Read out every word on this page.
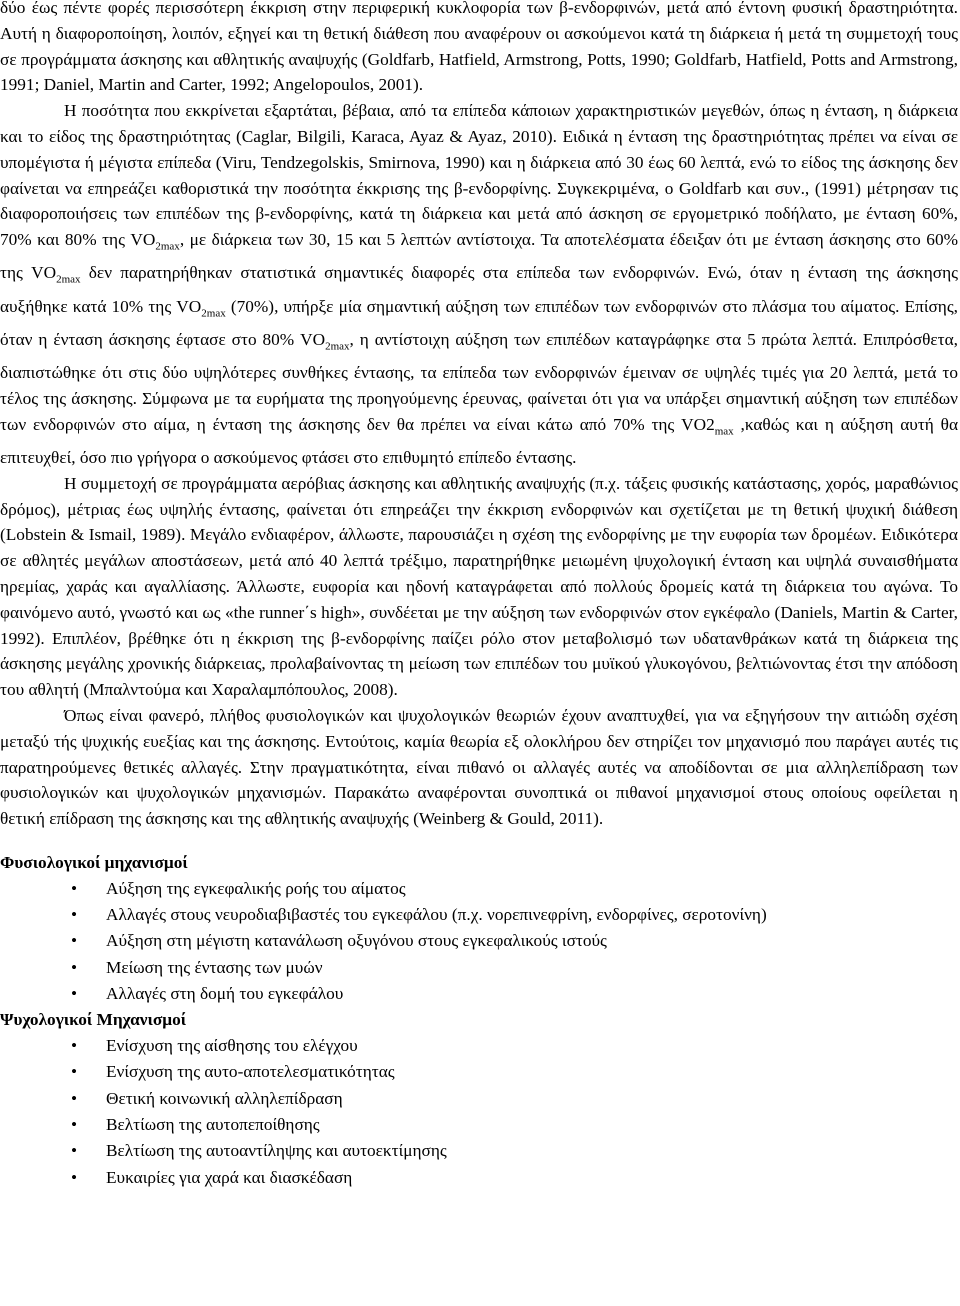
δύο έως πέντε φορές περισσότερη έκκριση στην περιφερική κυκλοφορία των β-ενδορφινών, μετά από έντονη φυσική δραστηριότητα. Αυτή η διαφοροποίηση, λοιπόν, εξηγεί και τη θετική διάθεση που αναφέρουν οι ασκούμενοι κατά τη διάρκεια ή μετά τη συμμετοχή τους σε προγράμματα άσκησης και αθλητικής αναψυχής (Goldfarb, Hatfield, Armstrong, Potts, 1990; Goldfarb, Hatfield, Potts and Armstrong, 1991; Daniel, Martin and Carter, 1992; Angelopoulos, 2001).

Η ποσότητα που εκκρίνεται εξαρτάται, βέβαια, από τα επίπεδα κάποιων χαρακτηριστικών μεγεθών, όπως η ένταση, η διάρκεια και το είδος της δραστηριότητας (Caglar, Bilgili, Karaca, Ayaz & Ayaz, 2010). Ειδικά η ένταση της δραστηριότητας πρέπει να είναι σε υπομέγιστα ή μέγιστα επίπεδα (Viru, Tendzegolskis, Smirnova, 1990) και η διάρκεια από 30 έως 60 λεπτά, ενώ το είδος της άσκησης δεν φαίνεται να επηρεάζει καθοριστικά την ποσότητα έκκρισης της β-ενδορφίνης. Συγκεκριμένα, ο Goldfarb και συν., (1991) μέτρησαν τις διαφοροποιήσεις των επιπέδων της β-ενδορφίνης, κατά τη διάρκεια και μετά από άσκηση σε εργομετρικό ποδήλατο, με ένταση 60%, 70% και 80% της $VO_{2max}$, με διάρκεια των 30, 15 και 5 λεπτών αντίστοιχα. Τα αποτελέσματα έδειξαν ότι με ένταση άσκησης στο 60% της $VO_{2max}$ δεν παρατηρήθηκαν στατιστικά σημαντικές διαφορές στα επίπεδα των ενδορφινών. Ενώ, όταν η ένταση της άσκησης αυξήθηκε κατά 10% της $VO_{2max}$ (70%), υπήρξε μία σημαντική αύξηση των επιπέδων των ενδορφινών στο πλάσμα του αίματος. Επίσης, όταν η ένταση άσκησης έφτασε στο 80% $VO_{2max}$, η αντίστοιχη αύξηση των επιπέδων καταγράφηκε στα 5 πρώτα λεπτά. Επιπρόσθετα, διαπιστώθηκε ότι στις δύο υψηλότερες συνθήκες έντασης, τα επίπεδα των ενδορφινών έμειναν σε υψηλές τιμές για 20 λεπτά, μετά το τέλος της άσκησης. Σύμφωνα με τα ευρήματα της προηγούμενης έρευνας, φαίνεται ότι για να υπάρξει σημαντική αύξηση των επιπέδων των ενδορφινών στο αίμα, η ένταση της άσκησης δεν θα πρέπει να είναι κάτω από 70% της $VO2_{max}$ ,καθώς και η αύξηση αυτή θα επιτευχθεί, όσο πιο γρήγορα ο ασκούμενος φτάσει στο επιθυμητό επίπεδο έντασης.

Η συμμετοχή σε προγράμματα αερόβιας άσκησης και αθλητικής αναψυχής (π.χ. τάξεις φυσικής κατάστασης, χορός, μαραθώνιος δρόμος), μέτριας έως υψηλής έντασης, φαίνεται ότι επηρεάζει την έκκριση ενδορφινών και σχετίζεται με τη θετική ψυχική διάθεση (Lobstein & Ismail, 1989). Μεγάλο ενδιαφέρον, άλλωστε, παρουσιάζει η σχέση της ενδορφίνης με την ευφορία των δρομέων. Ειδικότερα σε αθλητές μεγάλων αποστάσεων, μετά από 40 λεπτά τρέξιμο, παρατηρήθηκε μειωμένη ψυχολογική ένταση και υψηλά συναισθήματα ηρεμίας, χαράς και αγαλλίασης. Άλλωστε, ευφορία και ηδονή καταγράφεται από πολλούς δρομείς κατά τη διάρκεια του αγώνα. Το φαινόμενο αυτό, γνωστό και ως «the runner΄s high», συνδέεται με την αύξηση των ενδορφινών στον εγκέφαλο (Daniels, Martin & Carter, 1992). Επιπλέον, βρέθηκε ότι η έκκριση της β-ενδορφίνης παίζει ρόλο στον μεταβολισμό των υδατανθράκων κατά τη διάρκεια της άσκησης μεγάλης χρονικής διάρκειας, προλαβαίνοντας τη μείωση των επιπέδων του μυϊκού γλυκογόνου, βελτιώνοντας έτσι την απόδοση του αθλητή (Μπαλντούμα και Χαραλαμπόπουλος, 2008).

Όπως είναι φανερό, πλήθος φυσιολογικών και ψυχολογικών θεωριών έχουν αναπτυχθεί, για να εξηγήσουν την αιτιώδη σχέση μεταξύ τής ψυχικής ευεξίας και της άσκησης. Εντούτοις, καμία θεωρία εξ ολοκλήρου δεν στηρίζει τον μηχανισμό που παράγει αυτές τις παρατηρούμενες θετικές αλλαγές. Στην πραγματικότητα, είναι πιθανό οι αλλαγές αυτές να αποδίδονται σε μια αλληλεπίδραση των φυσιολογικών και ψυχολογικών μηχανισμών. Παρακάτω αναφέρονται συνοπτικά οι πιθανοί μηχανισμοί στους οποίους οφείλεται η θετική επίδραση της άσκησης και της αθλητικής αναψυχής (Weinberg & Gould, 2011).

Φυσιολογικοί μηχανισμοί
• Αύξηση της εγκεφαλικής ροής του αίματος
• Αλλαγές στους νευροδιαβιβαστές του εγκεφάλου (π.χ. νορεπινεφρίνη, ενδορφίνες, σεροτονίνη)
• Αύξηση στη μέγιστη κατανάλωση οξυγόνου στους εγκεφαλικούς ιστούς
• Μείωση της έντασης των μυών
• Αλλαγές στη δομή του εγκεφάλου
Ψυχολογικοί Μηχανισμοί
• Ενίσχυση της αίσθησης του ελέγχου
• Ενίσχυση της αυτο-αποτελεσματικότητας
• Θετική κοινωνική αλληλεπίδραση
• Βελτίωση της αυτοπεποίθησης
• Βελτίωση της αυτοαντίληψης και αυτοεκτίμησης
• Ευκαιρίες για χαρά και διασκέδαση
